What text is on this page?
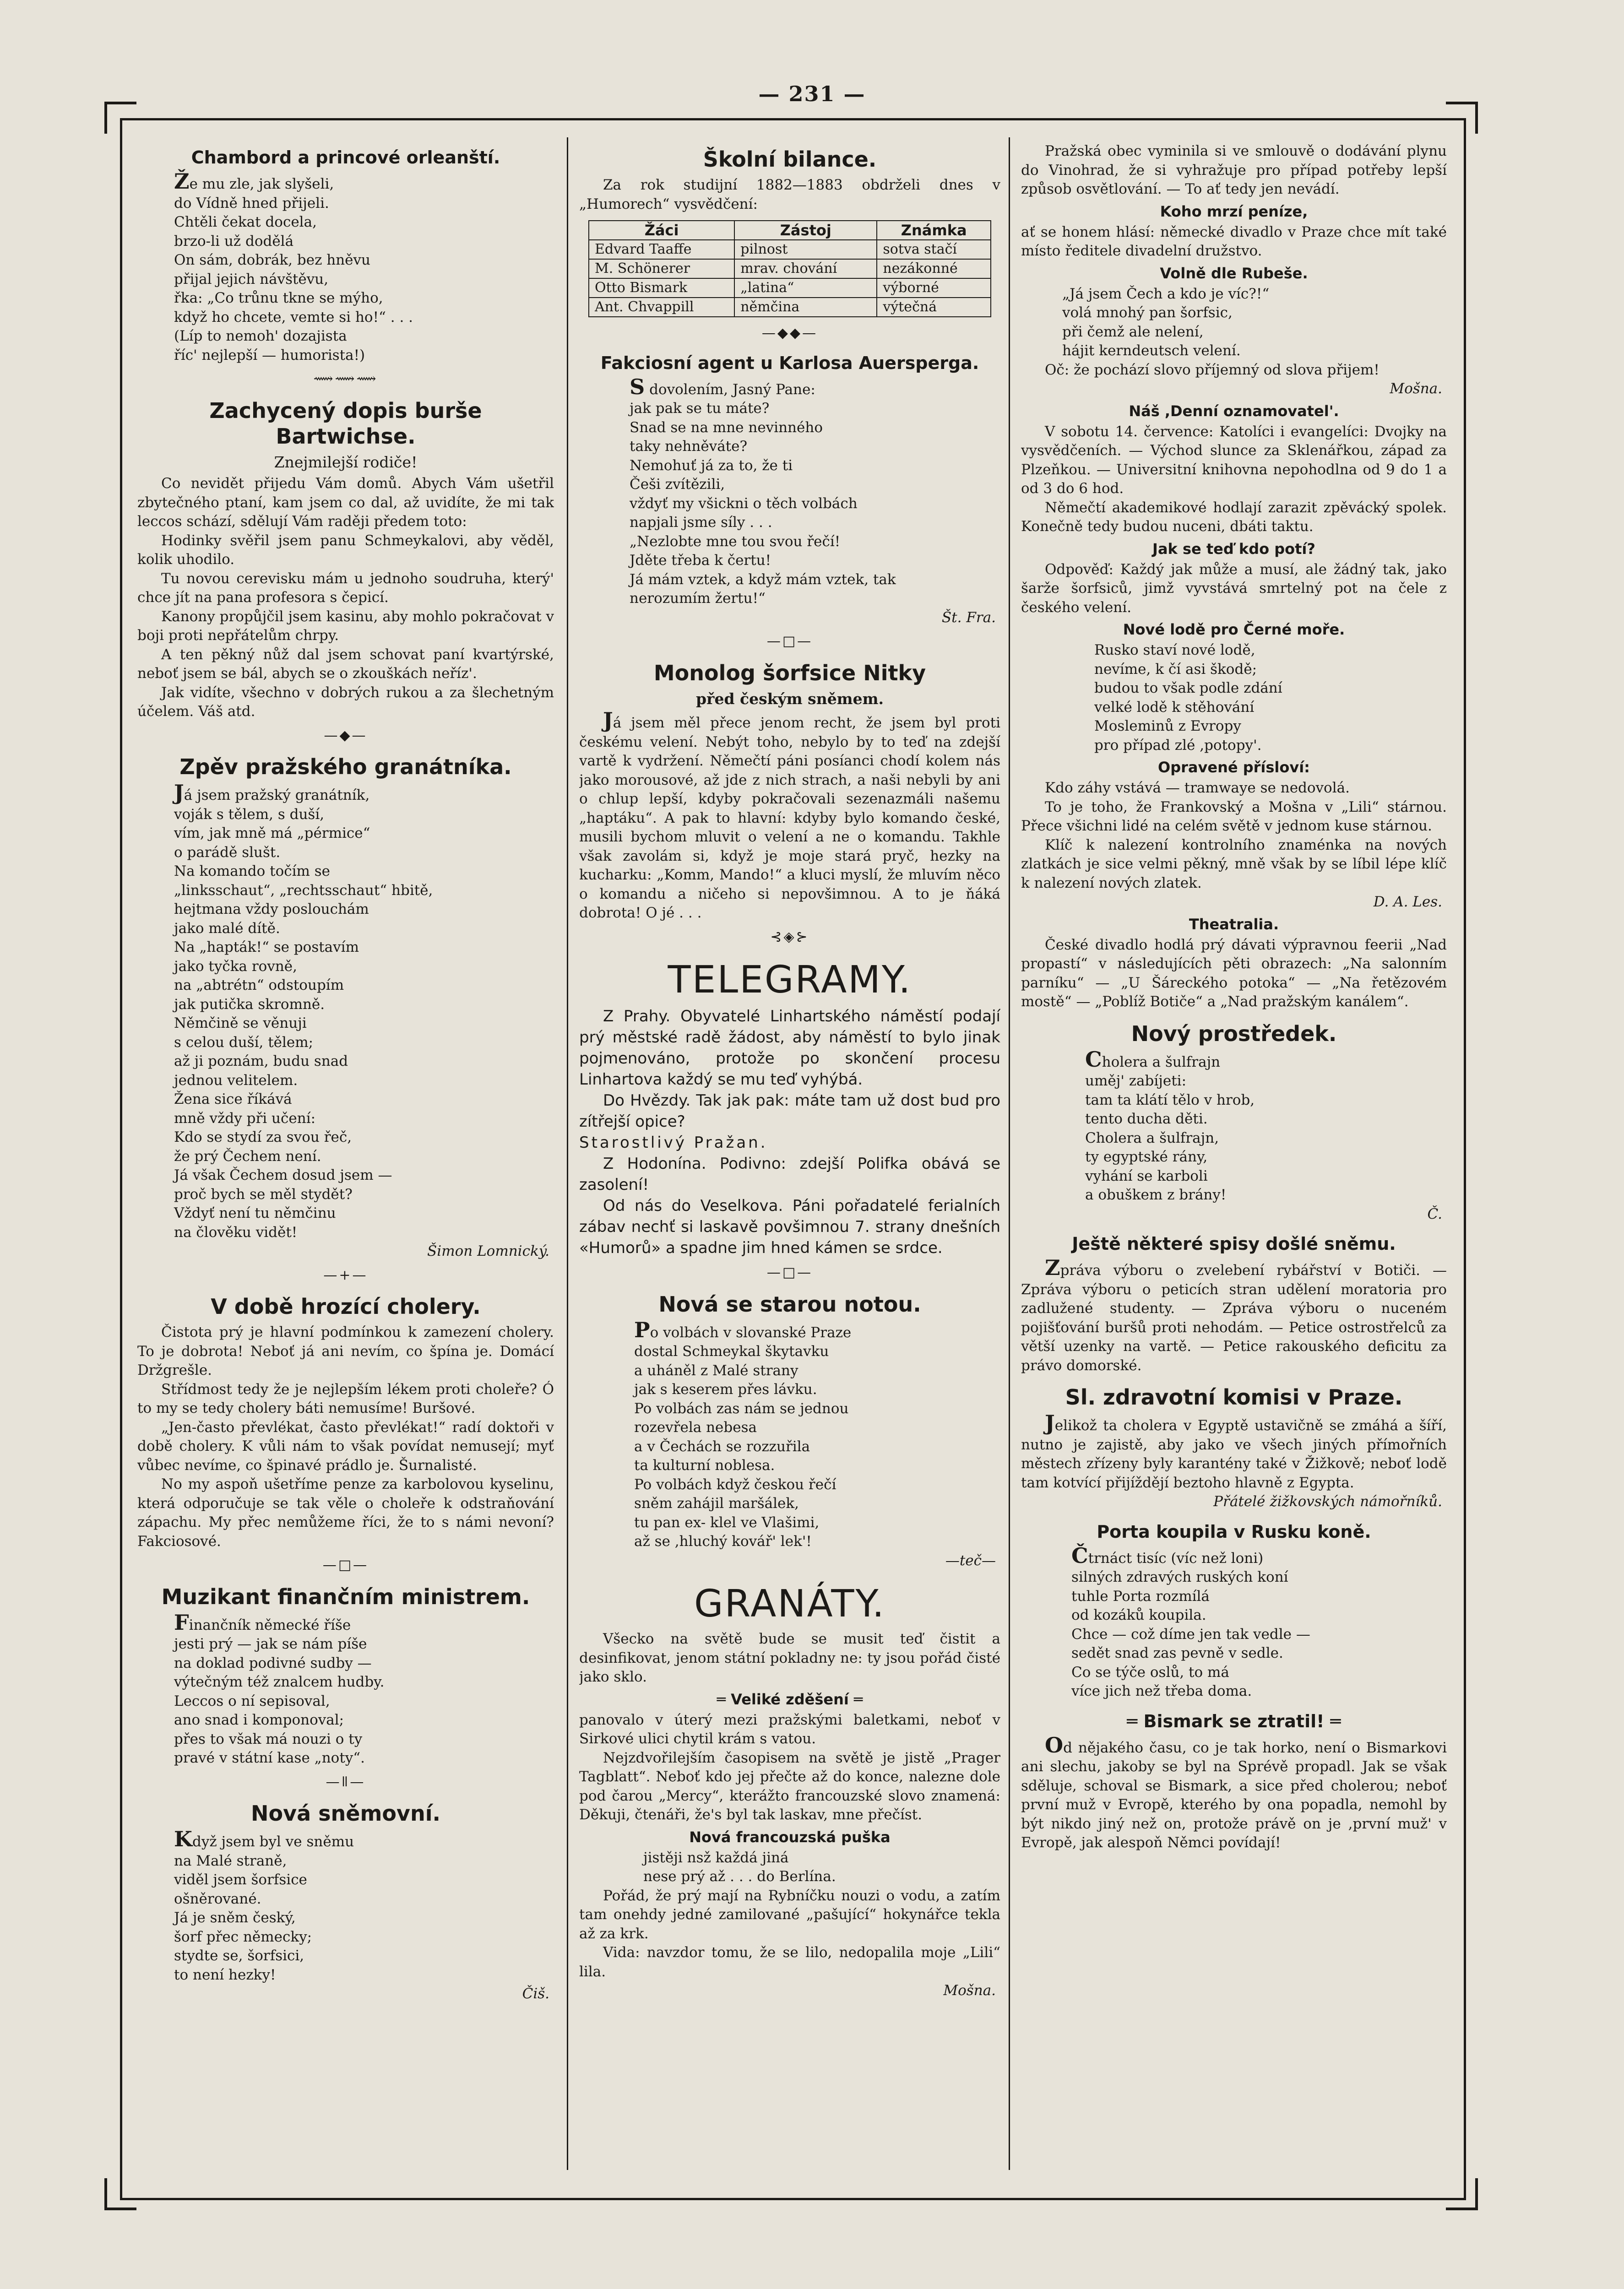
— 231 —
Chambord a princové orleanští.
Že mu zle, jak slyšeli,
do Vídně hned přijeli.
Chtěli čekat docela,
brzo-li už dodělá
On sám, dobrák, bez hněvu
přijal jejich návštěvu,
řka: „Co trůnu tkne se mýho,
když ho chcete, vemte si ho!“ . . .
(Líp to nemoh' dozajista
říc' nejlepší — humorista!)
⟿⟿⟿
Zachycený dopis burše Bartwichse.
Znejmilejší rodiče!

Co nevidět přijedu Vám domů. Abych Vám ušetřil zbytečného ptaní, kam jsem co dal, až uvidíte, že mi tak leccos schází, sdělují Vám raději předem toto:

Hodinky svěřil jsem panu Schmeykalovi, aby věděl, kolik uhodilo.

Tu novou cerevisku mám u jednoho soudruha, který' chce jít na pana profesora s čepicí.

Kanony propůjčil jsem kasinu, aby mohlo pokračovat v boji proti nepřátelům chrpy.

A ten pěkný nůž dal jsem schovat paní kvartýrské, neboť jsem se bál, abych se o zkouškách neříz'.

Jak vidíte, všechno v dobrých rukou a za šlechetným účelem. Váš atd.

—◆—
Zpěv pražského granátníka.
Já jsem pražský granátník,
voják s tělem, s duší,
vím, jak mně má „pérmice“
o parádě slušt.
Na komando točím se
„linksschaut“, „rechtsschaut“ hbitě,
hejtmana vždy poslouchám
jako malé dítě.
Na „hapták!“ se postavím
jako tyčka rovně,
na „abtrétn“ odstoupím
jak putička skromně.
Němčině se věnuji
s celou duší, tělem;
až ji poznám, budu snad
jednou velitelem.
Žena sice říkává
mně vždy při učení:
Kdo se stydí za svou řeč,
že prý Čechem není.
Já však Čechem dosud jsem —
proč bych se měl stydět?
Vždyť není tu němčinu
na člověku vidět!
Šimon Lomnický.
—+—
V době hrozící cholery.

Čistota prý je hlavní podmínkou k zamezení cholery. To je dobrota! Neboť já ani nevím, co špína je. Domácí Držgrešle.

Střídmost tedy že je nejlepším lékem proti choleře? Ó to my se tedy cholery báti nemusíme! Buršové.

„Jen-často převlékat, často převlékat!“ radí doktoři v době cholery. K vůli nám to však povídat nemusejí; myť vůbec nevíme, co špinavé prádlo je. Šurnalisté.

No my aspoň ušetříme penze za karbolovou kyselinu, která odporučuje se tak věle o choleře k odstraňování zápachu. My přec nemůžeme říci, že to s námi nevoní? Fakciosové.

—□—
Muzikant finančním ministrem.
Finančník německé říše
jesti prý — jak se nám píše
na doklad podivné sudby —
výtečným též znalcem hudby.
Leccos o ní sepisoval,
ano snad i komponoval;
přes to však má nouzi o ty
pravé v státní kase „noty“.
—ǁ—
Nová sněmovní.
Když jsem byl ve sněmu
na Malé straně,
viděl jsem šorfsice
ošněrované.
Já je sněm český,
šorf přec německy;
stydte se, šorfsici,
to není hezky!
Čiš.
Školní bilance.

Za rok studijní 1882—1883 obdrželi dnes v „Humorech“ vysvědčení:

Žáci	Zástoj	Známka
Edvard Taaffe	pilnost	sotva stačí
M. Schönerer	mrav. chování	nezákonné
Otto Bismark	„latina“	výborné
Ant. Chvappill	němčina	výtečná
—◆◆—
Fakciosní agent u Karlosa Auersperga.
S dovolením, Jasný Pane:
jak pak se tu máte?
Snad se na mne nevinného
taky nehněváte?
Nemohuť já za to, že ti
Češi zvítězili,
vždyť my všickni o těch volbách
napjali jsme síly . . .
„Nezlobte mne tou svou řečí!
Jděte třeba k čertu!
Já mám vztek, a když mám vztek, tak
nerozumím žertu!“
Št. Fra.
—□—
Monolog šorfsice Nitky
před českým sněmem.

Já jsem měl přece jenom recht, že jsem byl proti českému velení. Nebýt toho, nebylo by to teď na zdejší vartě k vydržení. Němečtí páni posíanci chodí kolem nás jako morousové, až jde z nich strach, a naši nebyli by ani o chlup lepší, kdyby pokračovali sezenazmáli našemu „haptáku“. A pak to hlavní: kdyby bylo komando české, musili bychom mluvit o velení a ne o komandu. Takhle však zavolám si, když je moje stará pryč, hezky na kucharku: „Komm, Mando!“ a kluci myslí, že mluvím něco o komandu a ničeho si nepovšimnou. A to je ňáká dobrota! O jé . . .

⊰◈⊱
TELEGRAMY.

Z Prahy. Obyvatelé Linhartského náměstí podají prý městské radě žádost, aby náměstí to bylo jinak pojmenováno, protože po skončení procesu Linhartova každý se mu teď vyhýbá.

Do Hvězdy. Tak jak pak: máte tam už dost bud pro zítřejší opice?

Starostlivý Pražan.

Z Hodonína. Podivno: zdejší Polifka obává se zasolení!

Od nás do Veselkova. Páni pořadatelé ferialních zábav nechť si laskavě povšimnou 7. strany dnešních «Humorů» a spadne jim hned kámen se srdce.

—□—
Nová se starou notou.
Po volbách v slovanské Praze
dostal Schmeykal škytavku
a uháněl z Malé strany
jak s keserem přes lávku.
Po volbách zas nám se jednou
rozevřela nebesa
a v Čechách se rozzuřila
ta kulturní noblesa.
Po volbách když českou řečí
sněm zahájil maršálek,
tu pan ex- klel ve Vlašimi,
až se ,hluchý kovář' lek'!
—teč—
GRANÁTY.

Všecko na světě bude se musit teď čistit a desinfikovat, jenom státní pokladny ne: ty jsou pořád čisté jako sklo.

═ Veliké zděšení ═

panovalo v úterý mezi pražskými baletkami, neboť v Sirkové ulici chytil krám s vatou.

Nejzdvořilejším časopisem na světě je jistě „Prager Tagblatt“. Neboť kdo jej přečte až do konce, nalezne dole pod čarou „Mercy“, kterážto francouzské slovo znamená: Děkuji, čtenáři, že's byl tak laskav, mne přečíst.

Nová francouzská puška
jistěji nsž každá jiná
nese prý až . . . do Berlína.

Pořád, že prý mají na Rybníčku nouzi o vodu, a zatím tam onehdy jedné zamilované „pašující“ hokynářce tekla až za krk.

Vida: navzdor tomu, že se lilo, nedopalila moje „Lili“ lila.

Mošna.

Pražská obec vyminila si ve smlouvě o dodávání plynu do Vinohrad, že si vyhražuje pro případ potřeby lepší způsob osvětlování. — To ať tedy jen nevádí.

Koho mrzí peníze,

ať se honem hlásí: německé divadlo v Praze chce mít také místo ředitele divadelní družstvo.

Volně dle Rubeše.
„Já jsem Čech a kdo je víc?!“
volá mnohý pan šorfsic,
při čemž ale nelení,
hájit kerndeutsch velení.

Oč: že pochází slovo příjemný od slova přijem!

Mošna.
Náš ,Denní oznamovatel'.

V sobotu 14. července: Katolíci i evangelíci: Dvojky na vysvědčeních. — Východ slunce za Sklenářkou, západ za Plzeňkou. — Universitní knihovna nepohodlna od 9 do 1 a od 3 do 6 hod.

Němečtí akademikové hodlají zarazit zpěvácký spolek. Konečně tedy budou nuceni, dbáti taktu.

Jak se teď kdo potí?

Odpověď: Každý jak může a musí, ale žádný tak, jako šarže šorfsiců, jimž vyvstává smrtelný pot na čele z českého velení.

Nové lodě pro Černé moře.
Rusko staví nové lodě,
nevíme, k čí asi škodě;
budou to však podle zdání
velké lodě k stěhování
Mosleminů z Evropy
pro případ zlé ,potopy'.
Opravené přísloví:

Kdo záhy vstává — tramwaye se nedovolá.

To je toho, že Frankovský a Mošna v „Lili“ stárnou. Přece všichni lidé na celém světě v jednom kuse stárnou.

Klíč k nalezení kontrolního znaménka na nových zlatkách je sice velmi pěkný, mně však by se líbil lépe klíč k nalezení nových zlatek.

D. A. Les.
Theatralia.

České divadlo hodlá prý dávati výpravnou feerii „Nad propastí“ v následujících pěti obrazech: „Na salonním parníku“ — „U Šáreckého potoka“ — „Na řetězovém mostě“ — „Poblíž Botiče“ a „Nad pražským kanálem“.

Nový prostředek.
Cholera a šulfrajn
uměj' zabíjeti:
tam ta klátí tělo v hrob,
tento ducha děti.
Cholera a šulfrajn,
ty egyptské rány,
vyhání se karboli
a obuškem z brány!
Č.
Ještě některé spisy došlé sněmu.

Zpráva výboru o zvelebení rybářství v Botiči. — Zpráva výboru o peticích stran udělení moratoria pro zadlužené studenty. — Zpráva výboru o nuceném pojišťování buršů proti nehodám. — Petice ostrostřelců za větší uzenky na vartě. — Petice rakouského deficitu za právo domorské.

Sl. zdravotní komisi v Praze.

Jelikož ta cholera v Egyptě ustavičně se zmáhá a šíří, nutno je zajistě, aby jako ve všech jiných přímořních městech zřízeny byly karantény také v Žižkově; neboť lodě tam kotvící přijíždějí beztoho hlavně z Egypta.

Přátelé žižkovských námořníků.
Porta koupila v Rusku koně.
Čtrnáct tisíc (víc než loni)
silných zdravých ruských koní
tuhle Porta rozmílá
od kozáků koupila.
Chce — což díme jen tak vedle —
sedět snad zas pevně v sedle.
Co se týče oslů, to má
více jich než třeba doma.
═ Bismark se ztratil! ═

Od nějakého času, co je tak horko, není o Bismarkovi ani slechu, jakoby se byl na Sprévě propadl. Jak se však sděluje, schoval se Bismark, a sice před cholerou; neboť první muž v Evropě, kterého by ona popadla, nemohl by být nikdo jiný než on, protože právě on je ,první muž' v Evropě, jak alespoň Němci povídají!
